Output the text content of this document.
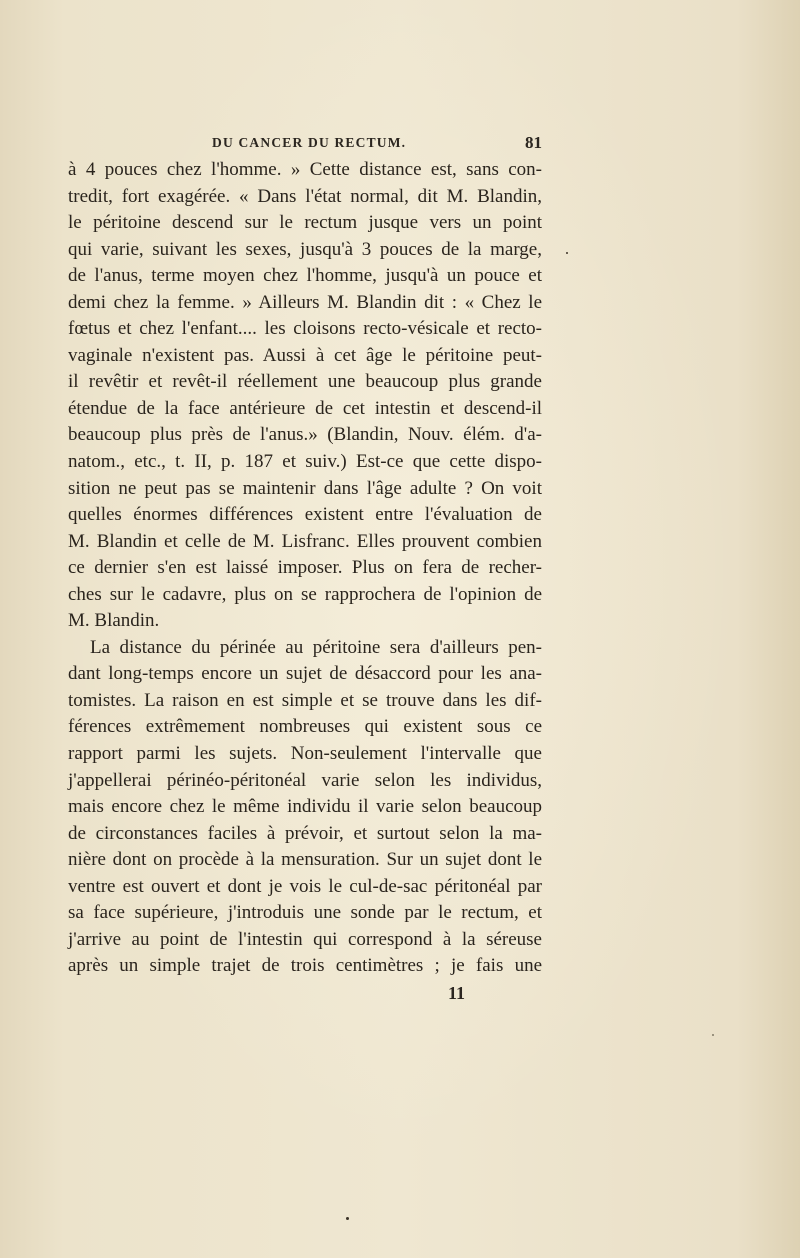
DU CANCER DU RECTUM.	81
à 4 pouces chez l'homme. » Cette distance est, sans con-
tredit, fort exagérée. « Dans l'état normal, dit M. Blandin,
le péritoine descend sur le rectum jusque vers un point
qui varie, suivant les sexes, jusqu'à 3 pouces de la marge,
de l'anus, terme moyen chez l'homme, jusqu'à un pouce et
demi chez la femme. » Ailleurs M. Blandin dit : « Chez le
fœtus et chez l'enfant.... les cloisons recto-vésicale et recto-
vaginale n'existent pas. Aussi à cet âge le péritoine peut-
il revêtir et revêt-il réellement une beaucoup plus grande
étendue de la face antérieure de cet intestin et descend-il
beaucoup plus près de l'anus.» (Blandin, Nouv. élém. d'a-
natom., etc., t. II, p. 187 et suiv.) Est-ce que cette dispo-
sition ne peut pas se maintenir dans l'âge adulte ? On voit
quelles énormes différences existent entre l'évaluation de
M. Blandin et celle de M. Lisfranc. Elles prouvent combien
ce dernier s'en est laissé imposer. Plus on fera de recher-
ches sur le cadavre, plus on se rapprochera de l'opinion de
M. Blandin.
La distance du périnée au péritoine sera d'ailleurs pen-
dant long-temps encore un sujet de désaccord pour les ana-
tomistes. La raison en est simple et se trouve dans les dif-
férences extrêmement nombreuses qui existent sous ce
rapport parmi les sujets. Non-seulement l'intervalle que
j'appellerai périnéo-péritonéal varie selon les individus,
mais encore chez le même individu il varie selon beaucoup
de circonstances faciles à prévoir, et surtout selon la ma-
nière dont on procède à la mensuration. Sur un sujet dont le
ventre est ouvert et dont je vois le cul-de-sac péritonéal par
sa face supérieure, j'introduis une sonde par le rectum, et
j'arrive au point de l'intestin qui correspond à la séreuse
après un simple trajet de trois centimètres ; je fais une
11
